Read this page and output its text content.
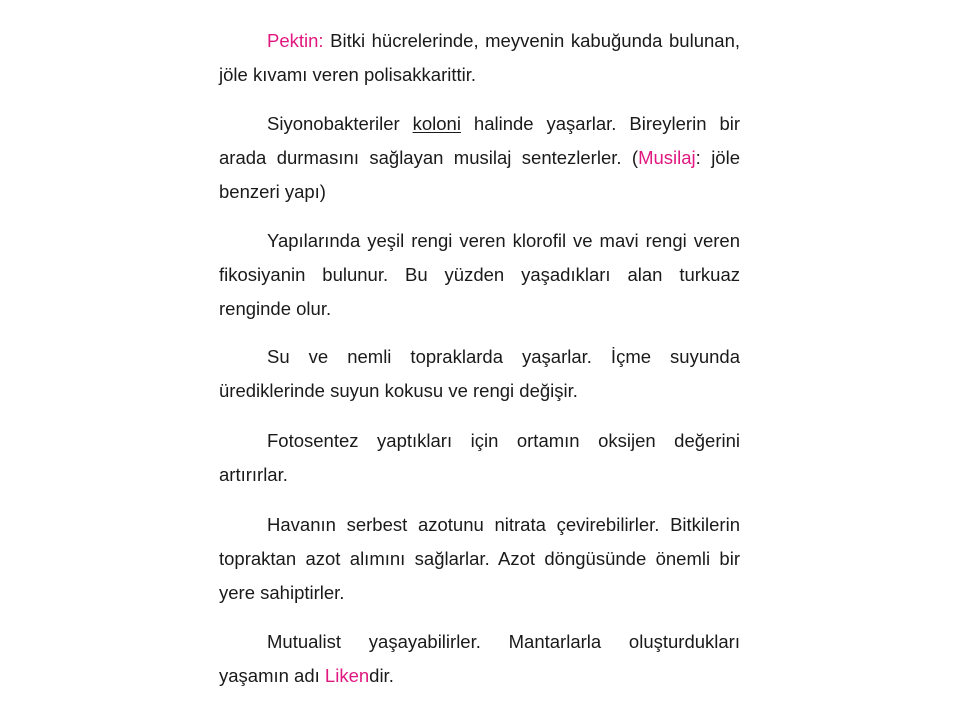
Pektin: Bitki hücrelerinde, meyvenin kabuğunda bulunan, jöle kıvamı veren polisakkarittir.

Siyonobakteriler koloni halinde yaşarlar. Bireylerin bir arada durmasını sağlayan musilaj sentezlerler. (Musilaj: jöle benzeri yapı)

Yapılarında yeşil rengi veren klorofil ve mavi rengi veren fikosiyanin bulunur. Bu yüzden yaşadıkları alan turkuaz renginde olur.

Su ve nemli topraklarda yaşarlar. İçme suyunda ürediklerinde suyun kokusu ve rengi değişir.

Fotosentez yaptıkları için ortamın oksijen değerini artırırlar.

Havanın serbest azotunu nitrata çevirebilirler. Bitkilerin topraktan azot alımını sağlarlar. Azot döngüsünde önemli bir yere sahiptirler.

Mutualist yaşayabilirler. Mantarlarla oluşturdukları yaşamın adı Likendir.
